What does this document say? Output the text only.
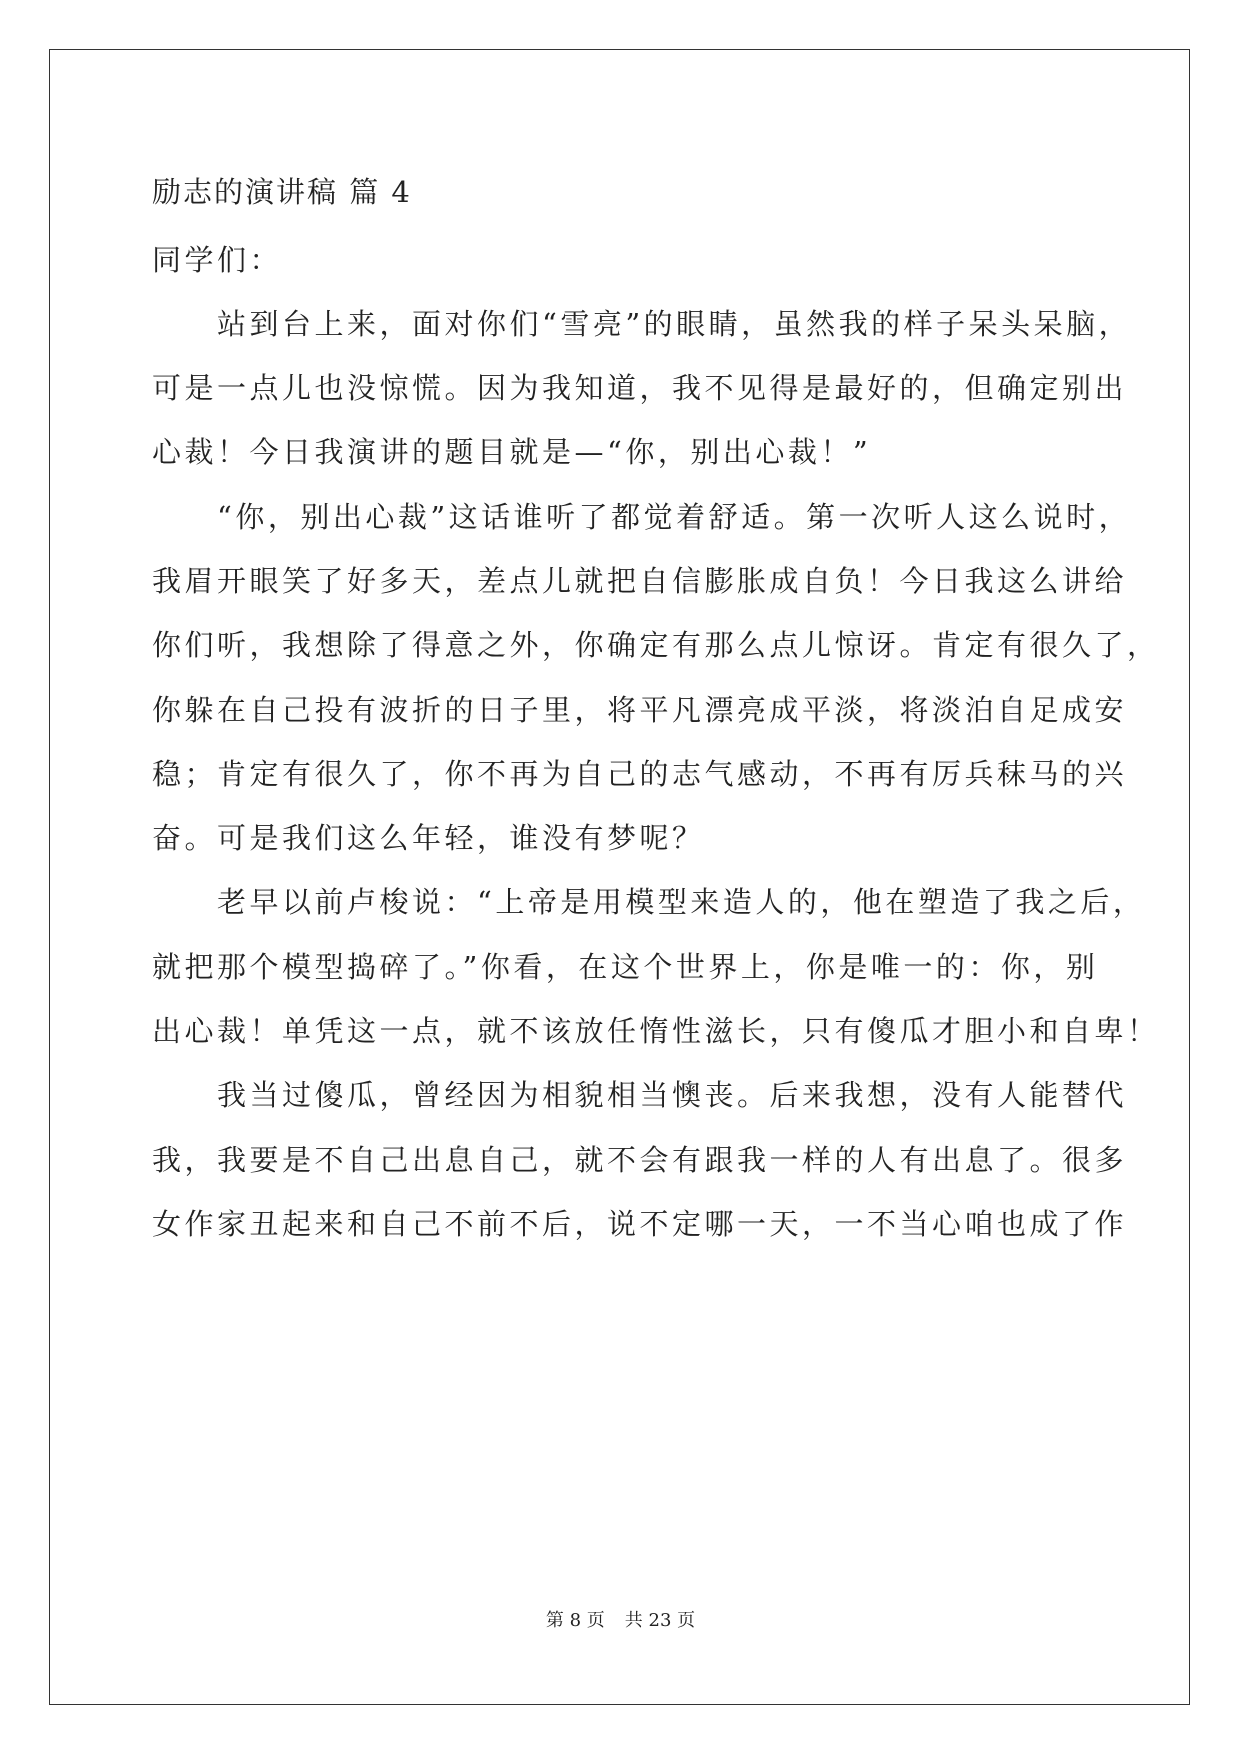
励志的演讲稿 篇 4
同学们：
　　站到台上来，面对你们“雪亮”的眼睛，虽然我的样子呆头呆脑，
可是一点儿也没惊慌。因为我知道，我不见得是最好的，但确定别出
心裁！今日我演讲的题目就是—“你，别出心裁！”
　　“你，别出心裁”这话谁听了都觉着舒适。第一次听人这么说时，
我眉开眼笑了好多天，差点儿就把自信膨胀成自负！今日我这么讲给
你们听，我想除了得意之外，你确定有那么点儿惊讶。肯定有很久了，
你躲在自己投有波折的日子里，将平凡漂亮成平淡，将淡泊自足成安
稳；肯定有很久了，你不再为自己的志气感动，不再有厉兵秣马的兴
奋。可是我们这么年轻，谁没有梦呢？
　　老早以前卢梭说：“上帝是用模型来造人的，他在塑造了我之后，
就把那个模型捣碎了。”你看，在这个世界上，你是唯一的：你，别
出心裁！单凭这一点，就不该放任惰性滋长，只有傻瓜才胆小和自卑！
　　我当过傻瓜，曾经因为相貌相当懊丧。后来我想，没有人能替代
我，我要是不自己出息自己，就不会有跟我一样的人有出息了。很多
女作家丑起来和自己不前不后，说不定哪一天，一不当心咱也成了作
第 8 页 共 23 页
